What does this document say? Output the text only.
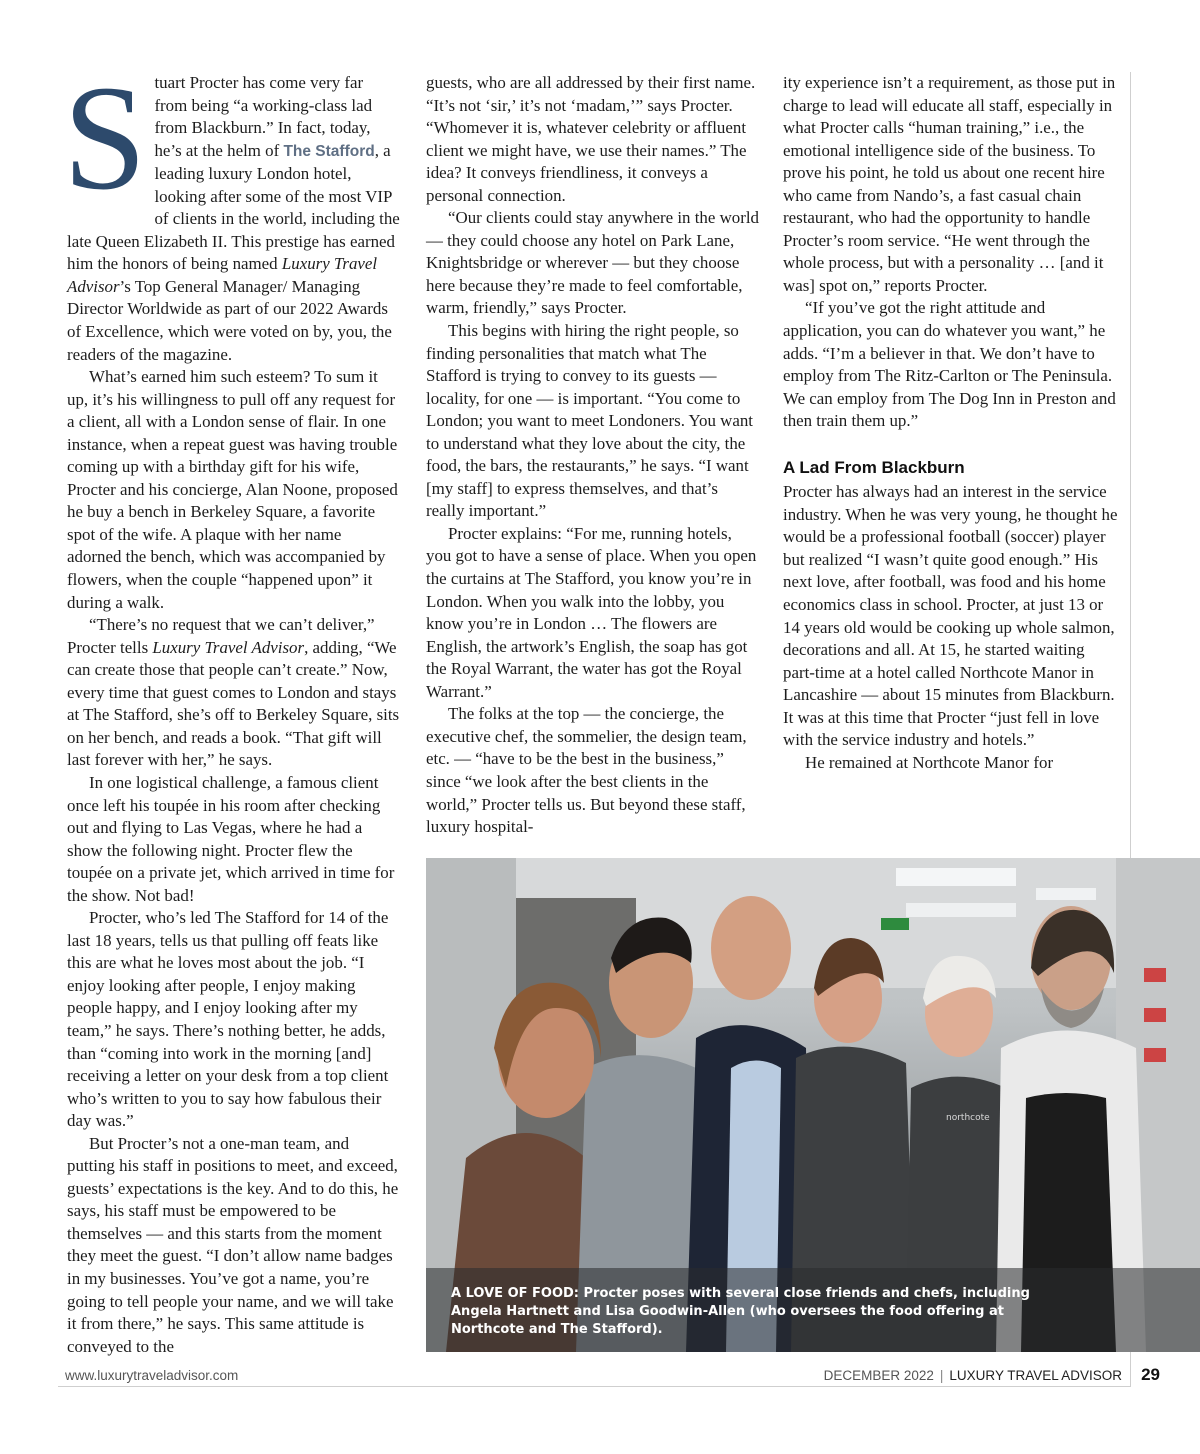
Stuart Procter has come very far from being “a working-class lad from Blackburn.” In fact, today, he’s at the helm of The Stafford, a leading luxury London hotel, looking after some of the most VIP of clients in the world, including the late Queen Elizabeth II. This prestige has earned him the honors of being named Luxury Travel Advisor’s Top General Manager/ Managing Director Worldwide as part of our 2022 Awards of Excellence, which were voted on by, you, the readers of the magazine.

What’s earned him such esteem? To sum it up, it’s his willingness to pull off any request for a client, all with a London sense of flair. In one instance, when a repeat guest was having trouble coming up with a birthday gift for his wife, Procter and his concierge, Alan Noone, proposed he buy a bench in Berkeley Square, a favorite spot of the wife. A plaque with her name adorned the bench, which was accompanied by flowers, when the couple “happened upon” it during a walk.

“There’s no request that we can’t deliver,” Procter tells Luxury Travel Advisor, adding, “We can create those that people can’t create.” Now, every time that guest comes to London and stays at The Stafford, she’s off to Berkeley Square, sits on her bench, and reads a book. “That gift will last forever with her,” he says.

In one logistical challenge, a famous client once left his toupée in his room after checking out and flying to Las Vegas, where he had a show the following night. Procter flew the toupée on a private jet, which arrived in time for the show. Not bad!

Procter, who’s led The Stafford for 14 of the last 18 years, tells us that pulling off feats like this are what he loves most about the job. “I enjoy looking after people, I enjoy making people happy, and I enjoy looking after my team,” he says. There’s nothing better, he adds, than “coming into work in the morning [and] receiving a letter on your desk from a top client who’s written to you to say how fabulous their day was.”

But Procter’s not a one-man team, and putting his staff in positions to meet, and exceed, guests’ expectations is the key. And to do this, he says, his staff must be empowered to be themselves — and this starts from the moment they meet the guest. “I don’t allow name badges in my businesses. You’ve got a name, you’re going to tell people your name, and we will take it from there,” he says. This same attitude is conveyed to the

guests, who are all addressed by their first name. “It’s not ‘sir,’ it’s not ‘madam,’” says Procter. “Whomever it is, whatever celebrity or affluent client we might have, we use their names.” The idea? It conveys friendliness, it conveys a personal connection.

“Our clients could stay anywhere in the world — they could choose any hotel on Park Lane, Knightsbridge or wherever — but they choose here because they’re made to feel comfortable, warm, friendly,” says Procter.

This begins with hiring the right people, so finding personalities that match what The Stafford is trying to convey to its guests — locality, for one — is important. “You come to London; you want to meet Londoners. You want to understand what they love about the city, the food, the bars, the restaurants,” he says. “I want [my staff] to express themselves, and that’s really important.”

Procter explains: “For me, running hotels, you got to have a sense of place. When you open the curtains at The Stafford, you know you’re in London. When you walk into the lobby, you know you’re in London … The flowers are English, the artwork’s English, the soap has got the Royal Warrant, the water has got the Royal Warrant.”

The folks at the top — the concierge, the executive chef, the sommelier, the design team, etc. — “have to be the best in the business,” since “we look after the best clients in the world,” Procter tells us. But beyond these staff, luxury hospital-

ity experience isn’t a requirement, as those put in charge to lead will educate all staff, especially in what Procter calls “human training,” i.e., the emotional intelligence side of the business. To prove his point, he told us about one recent hire who came from Nando’s, a fast casual chain restaurant, who had the opportunity to handle Procter’s room service. “He went through the whole process, but with a personality … [and it was] spot on,” reports Procter.

“If you’ve got the right attitude and application, you can do whatever you want,” he adds. “I’m a believer in that. We don’t have to employ from The Ritz-Carlton or The Peninsula. We can employ from The Dog Inn in Preston and then train them up.”

A Lad From Blackburn

Procter has always had an interest in the service industry. When he was very young, he thought he would be a professional football (soccer) player but realized “I wasn’t quite good enough.” His next love, after football, was food and his home economics class in school. Procter, at just 13 or 14 years old would be cooking up whole salmon, decorations and all. At 15, he started waiting part-time at a hotel called Northcote Manor in Lancashire — about 15 minutes from Blackburn. It was at this time that Procter “just fell in love with the service industry and hotels.”

He remained at Northcote Manor for

northcote
A LOVE OF FOOD: Procter poses with several close friends and chefs, including Angela Hartnett and Lisa Goodwin-Allen (who oversees the food offering at Northcote and The Stafford).
www.luxurytraveladvisor.com	DECEMBER 2022 | LUXURY TRAVEL ADVISOR 29
